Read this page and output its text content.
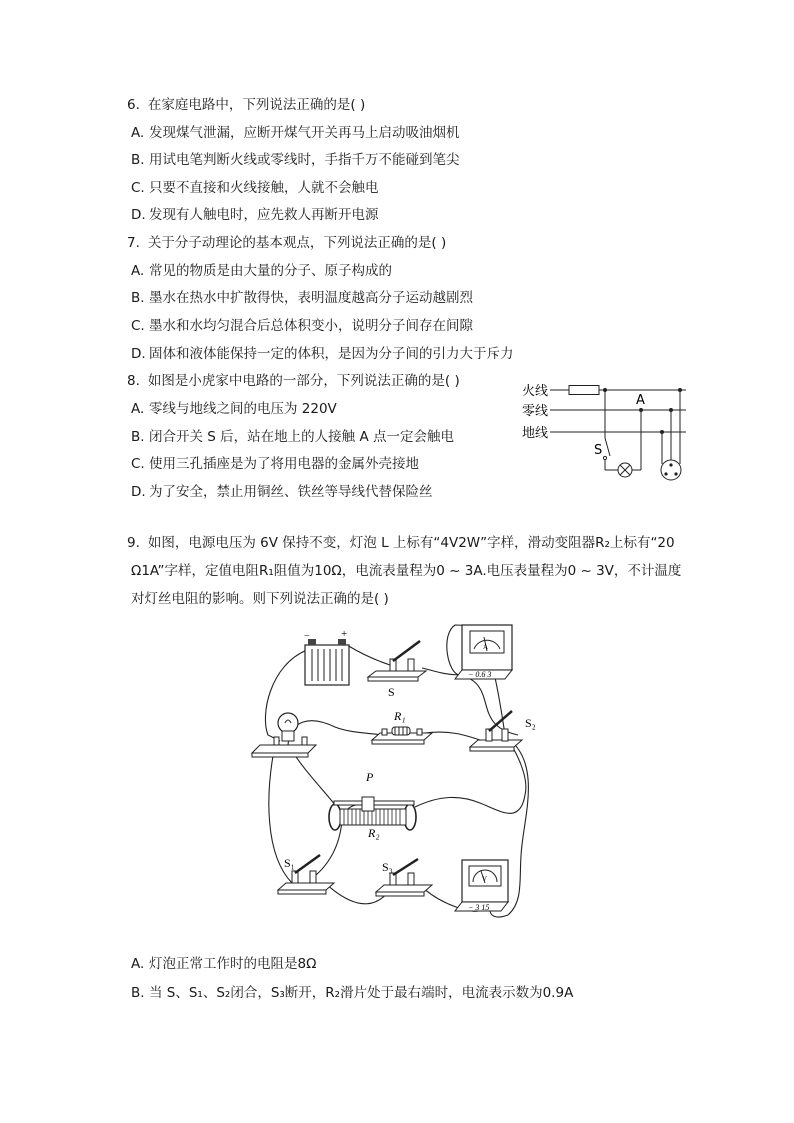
6. 在家庭电路中，下列说法正确的是( )
A. 发现煤气泄漏，应断开煤气开关再马上启动吸油烟机
B. 用试电笔判断火线或零线时，手指千万不能碰到笔尖
C. 只要不直接和火线接触，人就不会触电
D. 发现有人触电时，应先救人再断开电源
7. 关于分子动理论的基本观点，下列说法正确的是( )
A. 常见的物质是由大量的分子、原子构成的
B. 墨水在热水中扩散得快，表明温度越高分子运动越剧烈
C. 墨水和水均匀混合后总体积变小，说明分子间存在间隙
D. 固体和液体能保持一定的体积，是因为分子间的引力大于斥力
8. 如图是小虎家中电路的一部分，下列说法正确的是( )
A. 零线与地线之间的电压为 220V
B. 闭合开关 S 后，站在地上的人接触 A 点一定会触电
C. 使用三孔插座是为了将用电器的金属外壳接地
D. 为了安全，禁止用铜丝、铁丝等导线代替保险丝
火线
零线
地线
A
S
9. 如图，电源电压为 6V 保持不变，灯泡 L 上标有“4V2W”字样，滑动变阻器R₂上标有“20
Ω1A”字样，定值电阻R₁阻值为10Ω，电流表量程为0 ~ 3A.电压表量程为0 ~ 3V，不计温度
对灯丝电阻的影响。则下列说法正确的是( )
−	+
S
A
− 0.6 3
R₁	S₂
P
R₂
S₁	S₃
V
− 3 15
A. 灯泡正常工作时的电阻是8Ω
B. 当 S、S₁、S₂闭合，S₃断开，R₂滑片处于最右端时，电流表示数为0.9A
